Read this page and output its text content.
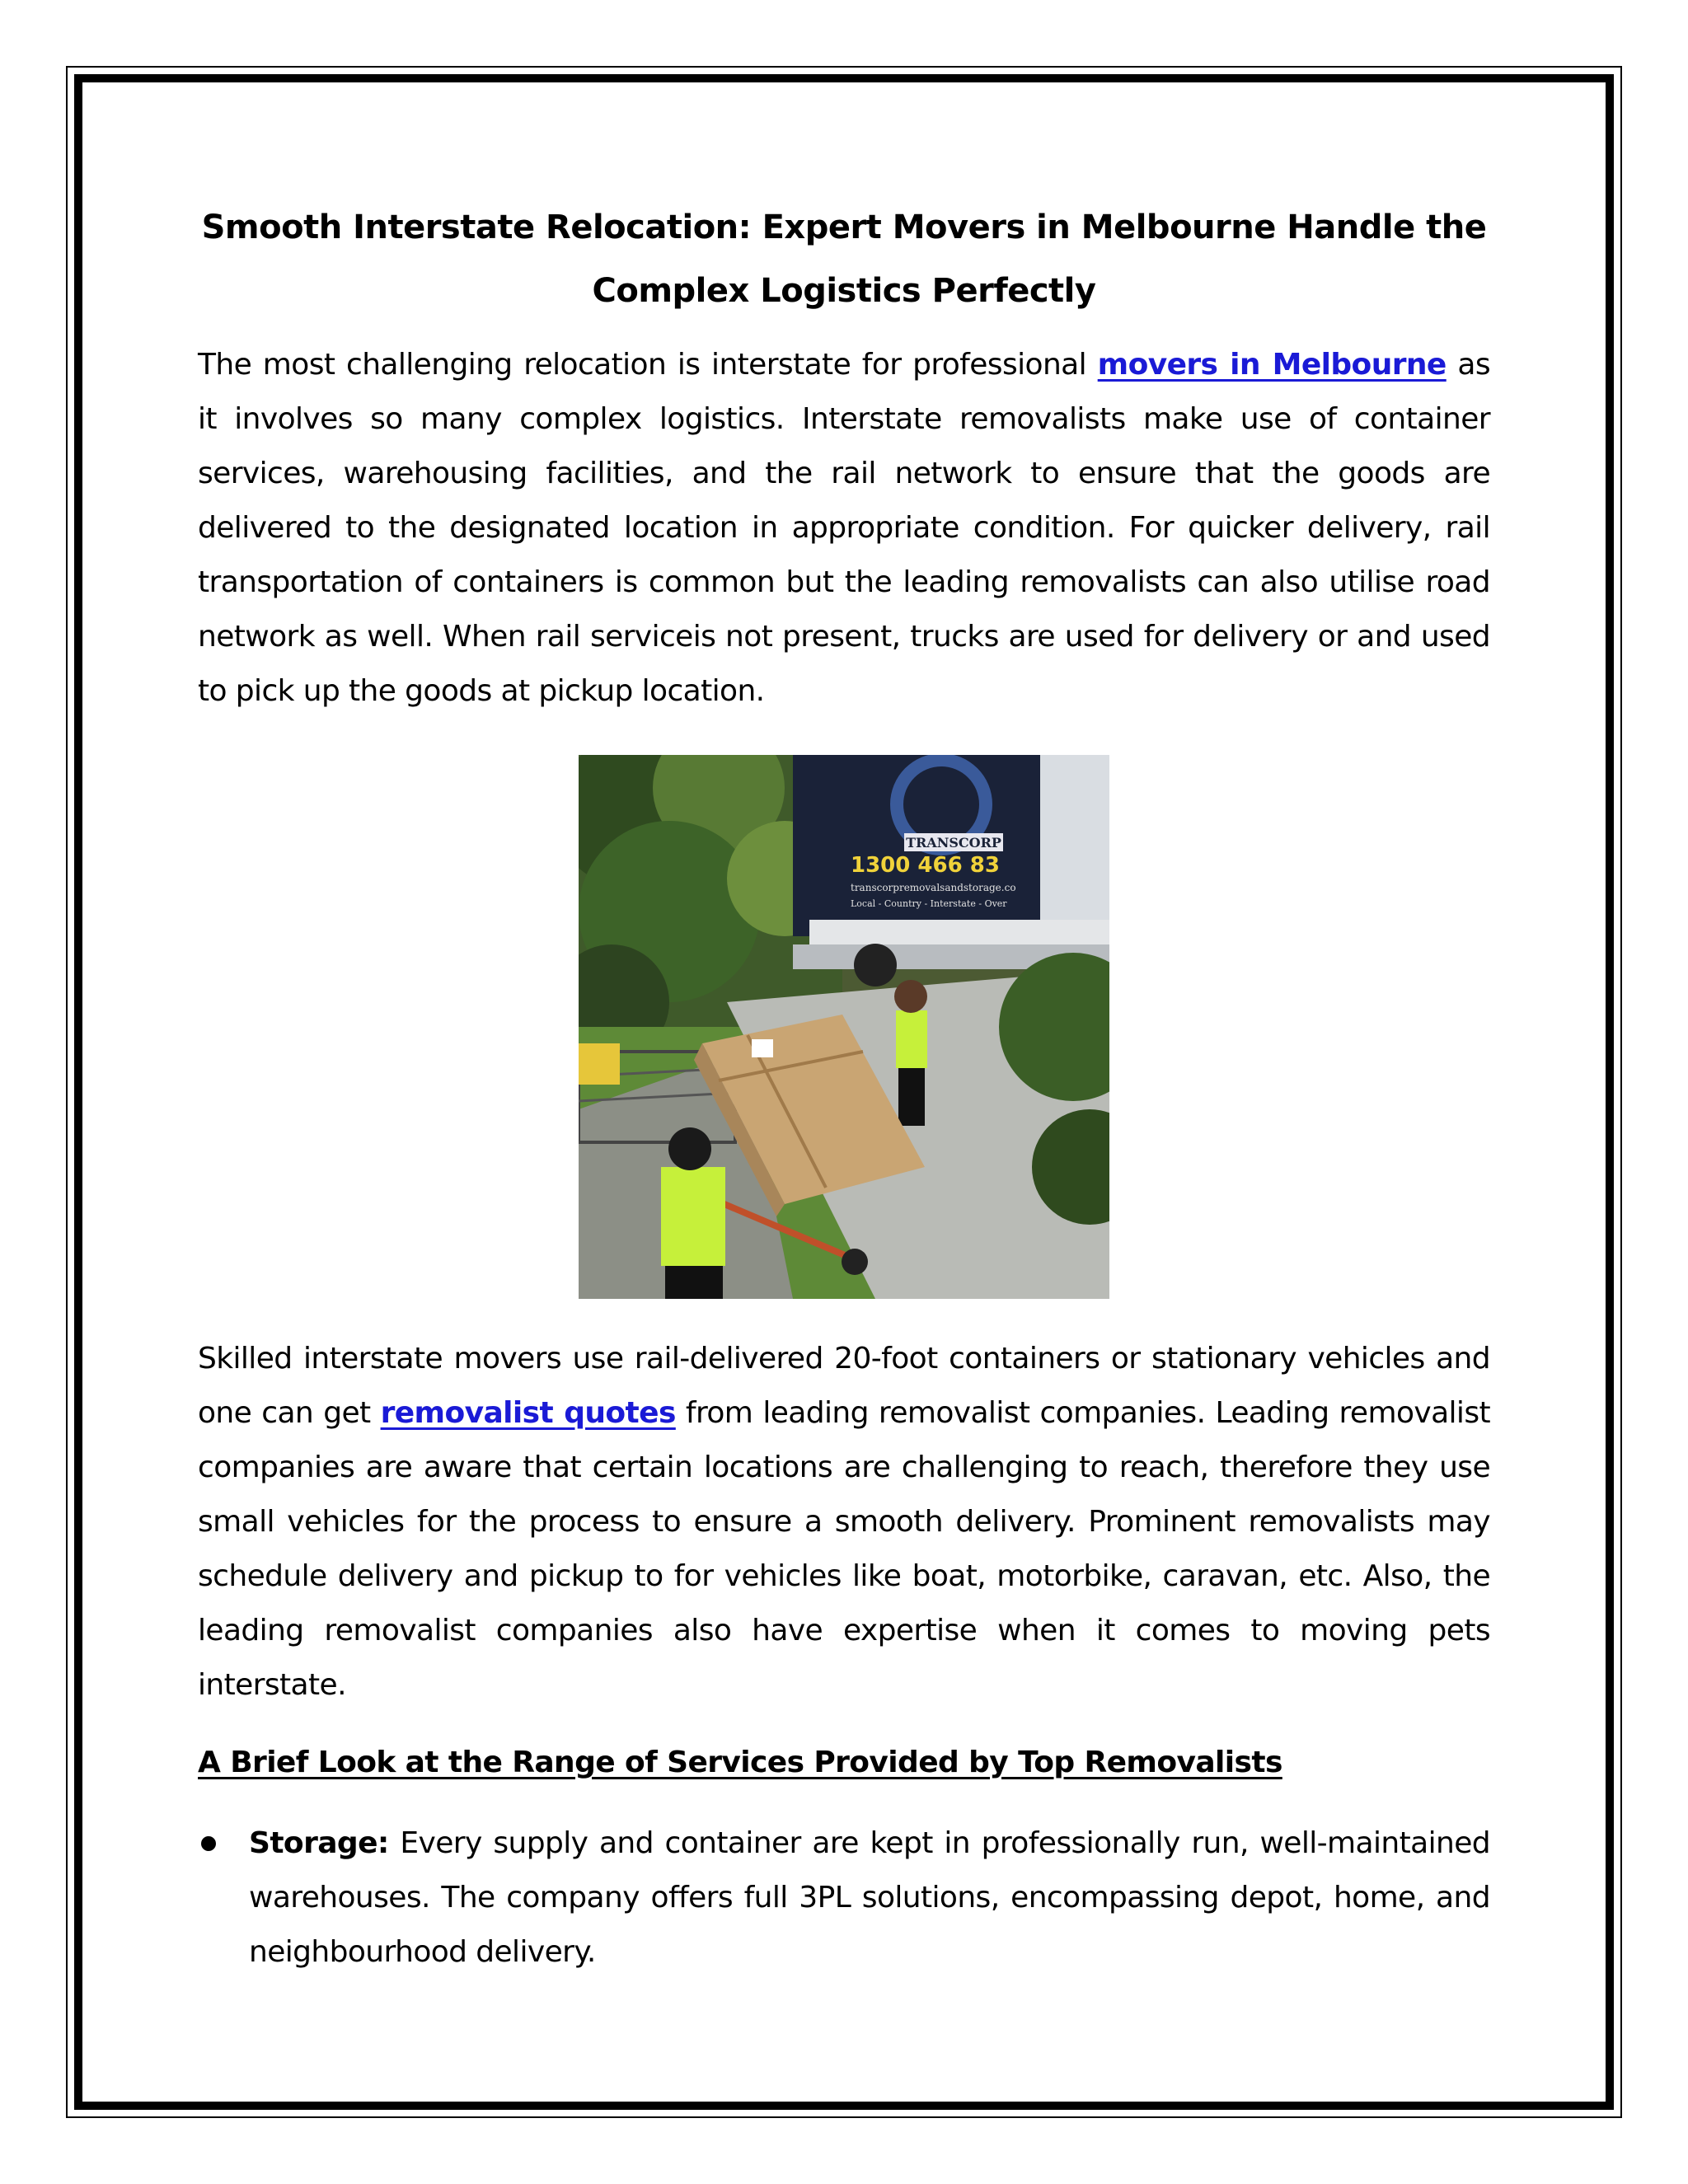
Smooth Interstate Relocation: Expert Movers in Melbourne Handle the Complex Logistics Perfectly

The most challenging relocation is interstate for professional movers in Melbourne as it involves so many complex logistics. Interstate removalists make use of container services, warehousing facilities, and the rail network to ensure that the goods are delivered to the designated location in appropriate condition. For quicker delivery, rail transportation of containers is common but the leading removalists can also utilise road network as well. When rail serviceis not present, trucks are used for delivery or and used to pick up the goods at pickup location.

TRANSCORP
1300 466 83
transcorpremovalsandstorage.co
Local - Country - Interstate - Over

Skilled interstate movers use rail-delivered 20-foot containers or stationary vehicles and one can get removalist quotes from leading removalist companies. Leading removalist companies are aware that certain locations are challenging to reach, therefore they use small vehicles for the process to ensure a smooth delivery. Prominent removalists may schedule delivery and pickup to for vehicles like boat, motorbike, caravan, etc. Also, the leading removalist companies also have expertise when it comes to moving pets interstate.

A Brief Look at the Range of Services Provided by Top Removalists
Storage: Every supply and container are kept in professionally run, well-maintained warehouses. The company offers full 3PL solutions, encompassing depot, home, and neighbourhood delivery.
